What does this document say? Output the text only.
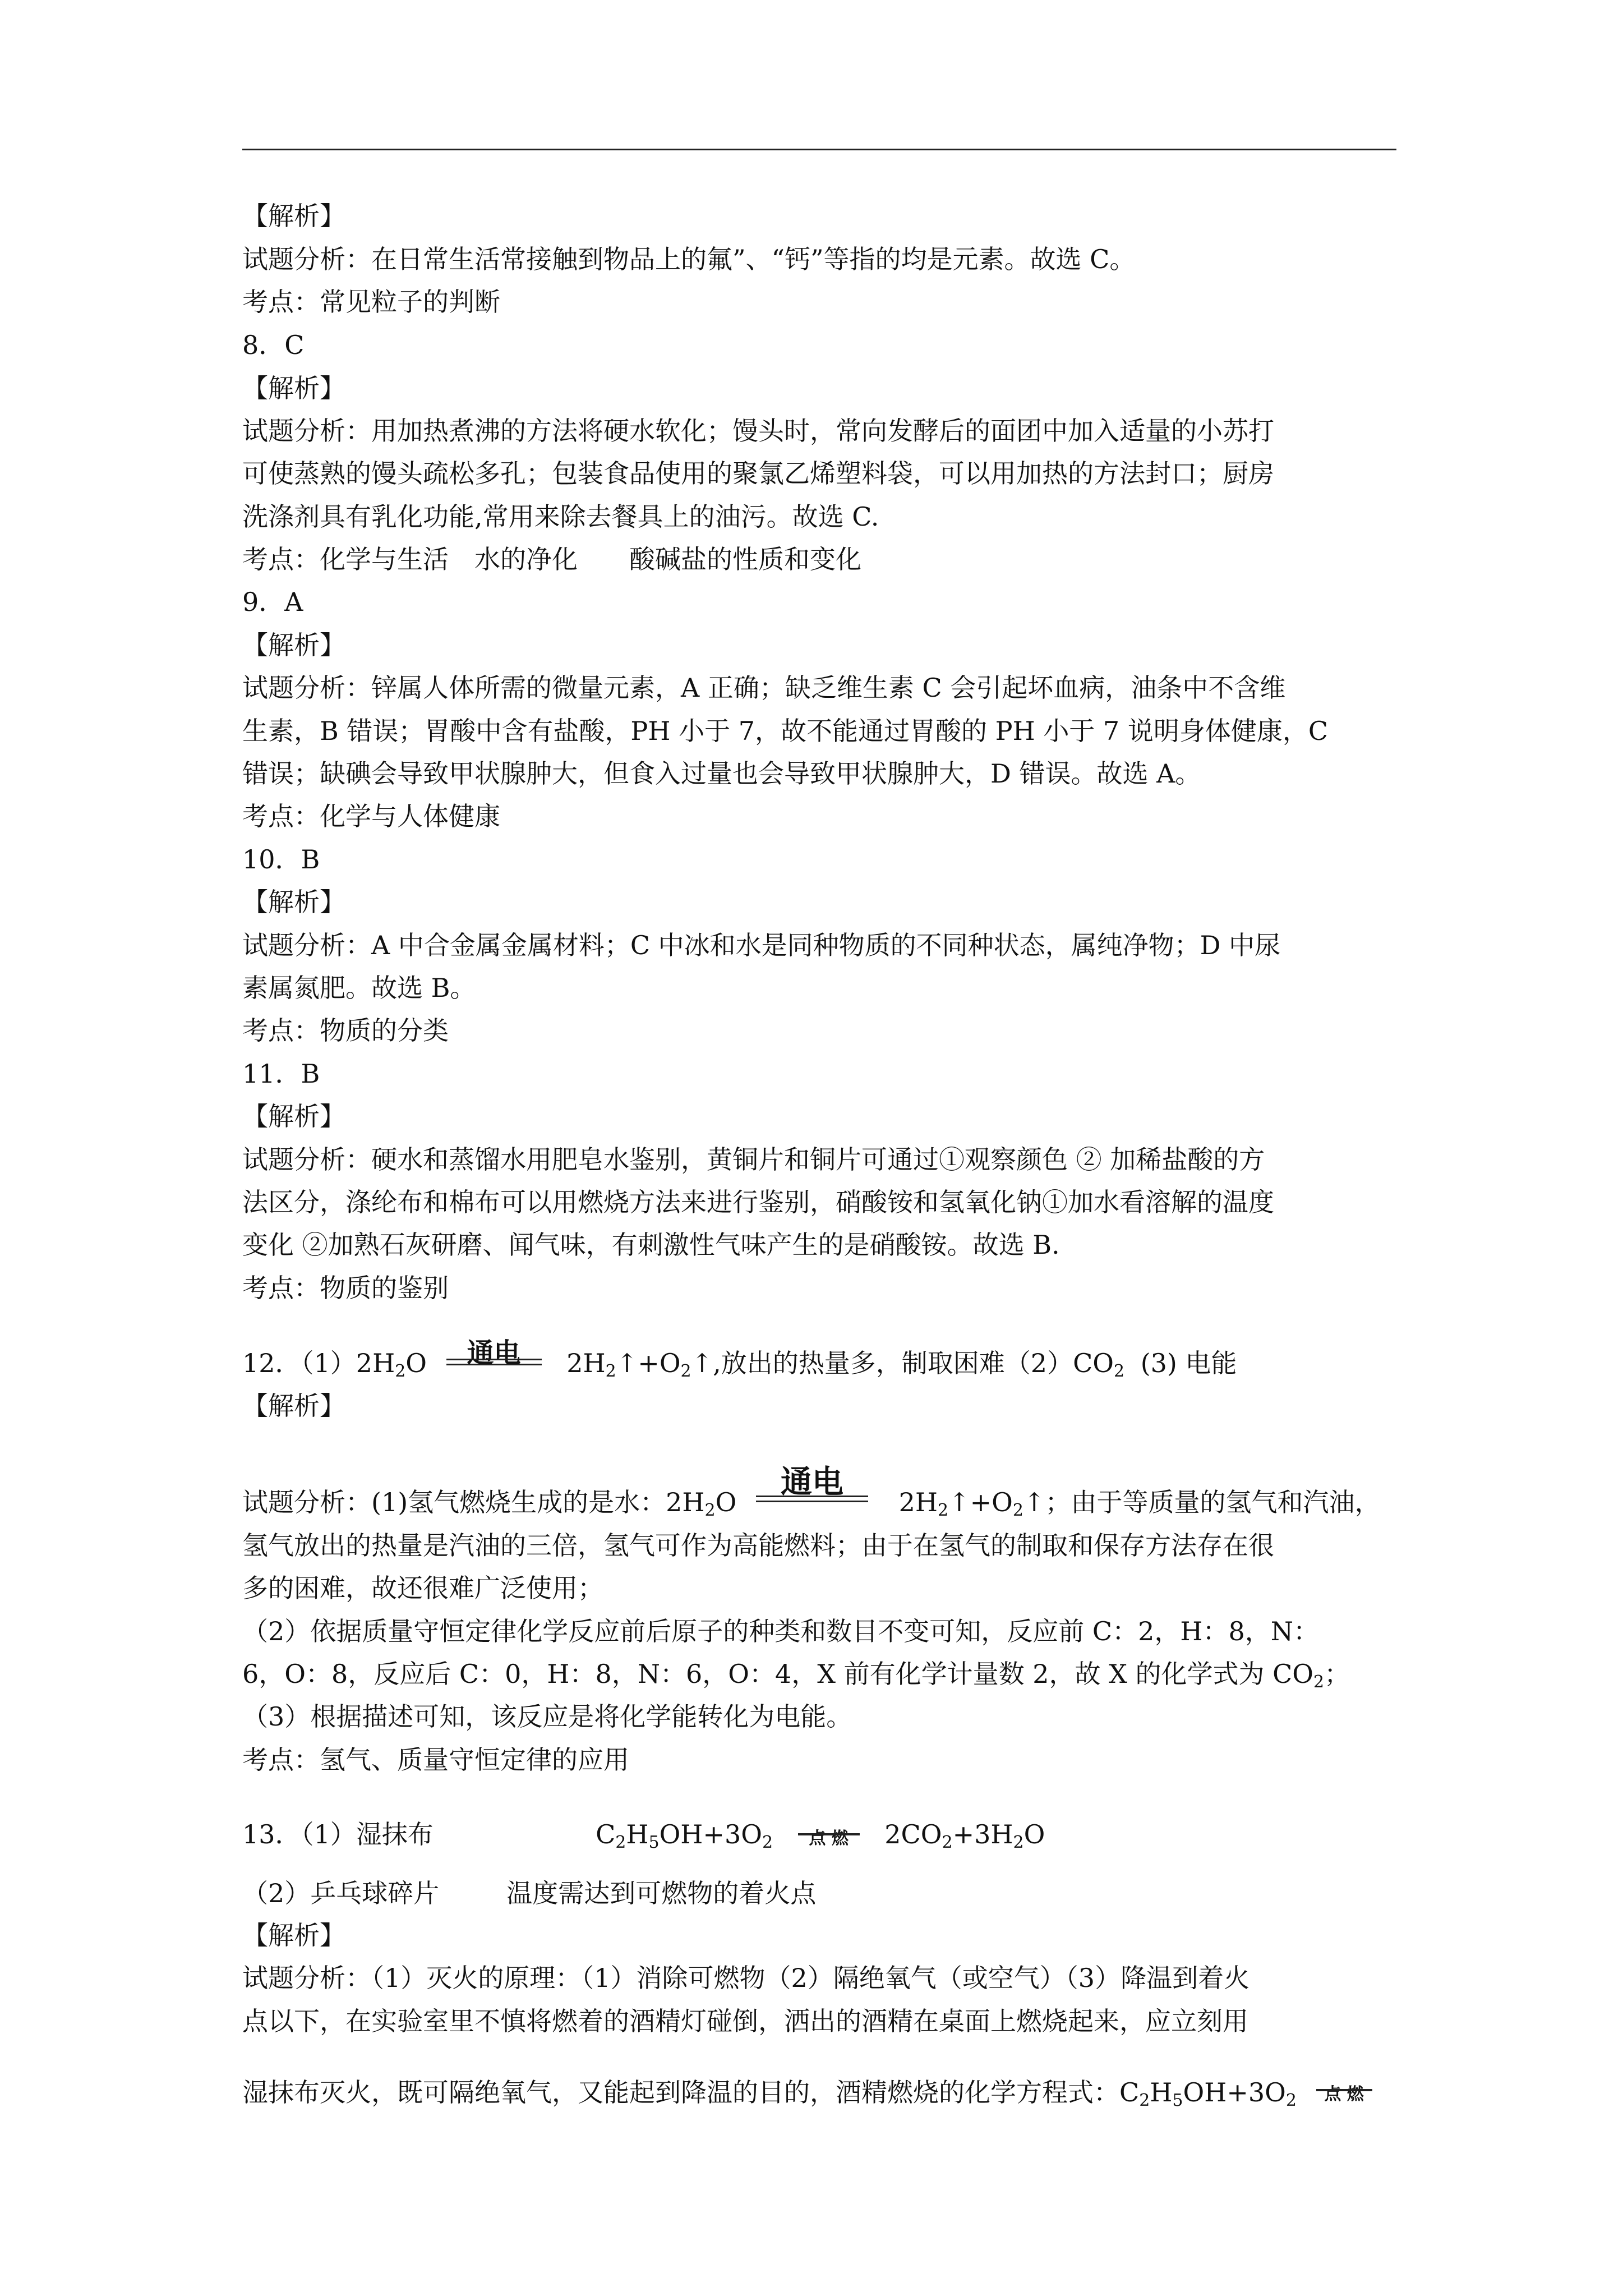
【解析】
试题分析：在日常生活常接触到物品上的氟”、“钙”等指的均是元素。故选 C。
考点：常见粒子的判断
8．C
【解析】
试题分析：用加热煮沸的方法将硬水软化；馒头时，常向发酵后的面团中加入适量的小苏打
可使蒸熟的馒头疏松多孔；包装食品使用的聚氯乙烯塑料袋，可以用加热的方法封口；厨房
洗涤剂具有乳化功能,常用来除去餐具上的油污。故选 C.
考点：化学与生活　水的净化　　酸碱盐的性质和变化
9．A
【解析】
试题分析：锌属人体所需的微量元素，A 正确；缺乏维生素 C 会引起坏血病，油条中不含维
生素，B 错误；胃酸中含有盐酸，PH 小于 7，故不能通过胃酸的 PH 小于 7 说明身体健康，C
错误；缺碘会导致甲状腺肿大，但食入过量也会导致甲状腺肿大，D 错误。故选 A。
考点：化学与人体健康
10．B
【解析】
试题分析：A 中合金属金属材料；C 中冰和水是同种物质的不同种状态，属纯净物；D 中尿
素属氮肥。故选 B。
考点：物质的分类
11．B
【解析】
试题分析：硬水和蒸馏水用肥皂水鉴别，黄铜片和铜片可通过①观察颜色 ② 加稀盐酸的方
法区分，涤纶布和棉布可以用燃烧方法来进行鉴别，硝酸铵和氢氧化钠①加水看溶解的温度
变化 ②加熟石灰研磨、闻气味，有刺激性气味产生的是硝酸铵。故选 B.
考点：物质的鉴别
12．$(1)2H_2O$	通电	$2H_2↑+O_2↑$,放出的热量多，制取困难$(2)CO_2$ (3) 电能
【解析】
试题分析：(1)氢气燃烧生成的是水：$2H_2O$
通电
$2H_2↑+O_2↑$；由于等质量的氢气和汽油，
氢气放出的热量是汽油的三倍，氢气可作为高能燃料；由于在氢气的制取和保存方法存在很
多的困难，故还很难广泛使用；
（2）依据质量守恒定律化学反应前后原子的种类和数目不变可知，反应前 C：2，H：8，N：
6，O：8，反应后 C：0，H：8，N：6，O：4，X 前有化学计量数 2，故 X 的化学式为 $CO_2$；
（3）根据描述可知，该反应是将化学能转化为电能。
考点：氢气、质量守恒定律的应用
13．（1）湿抹布	$C_2H_5OH+3O_2$	点 燃	$2CO_2+3H_2O$
（2）乒乓球碎片	温度需达到可燃物的着火点
【解析】
试题分析：（1）灭火的原理：（1）消除可燃物（2）隔绝氧气（或空气）（3）降温到着火
点以下，在实验室里不慎将燃着的酒精灯碰倒，洒出的酒精在桌面上燃烧起来，应立刻用
湿抹布灭火，既可隔绝氧气，又能起到降温的目的，酒精燃烧的化学方程式：$C_2H_5OH+3O_2$	点 燃
